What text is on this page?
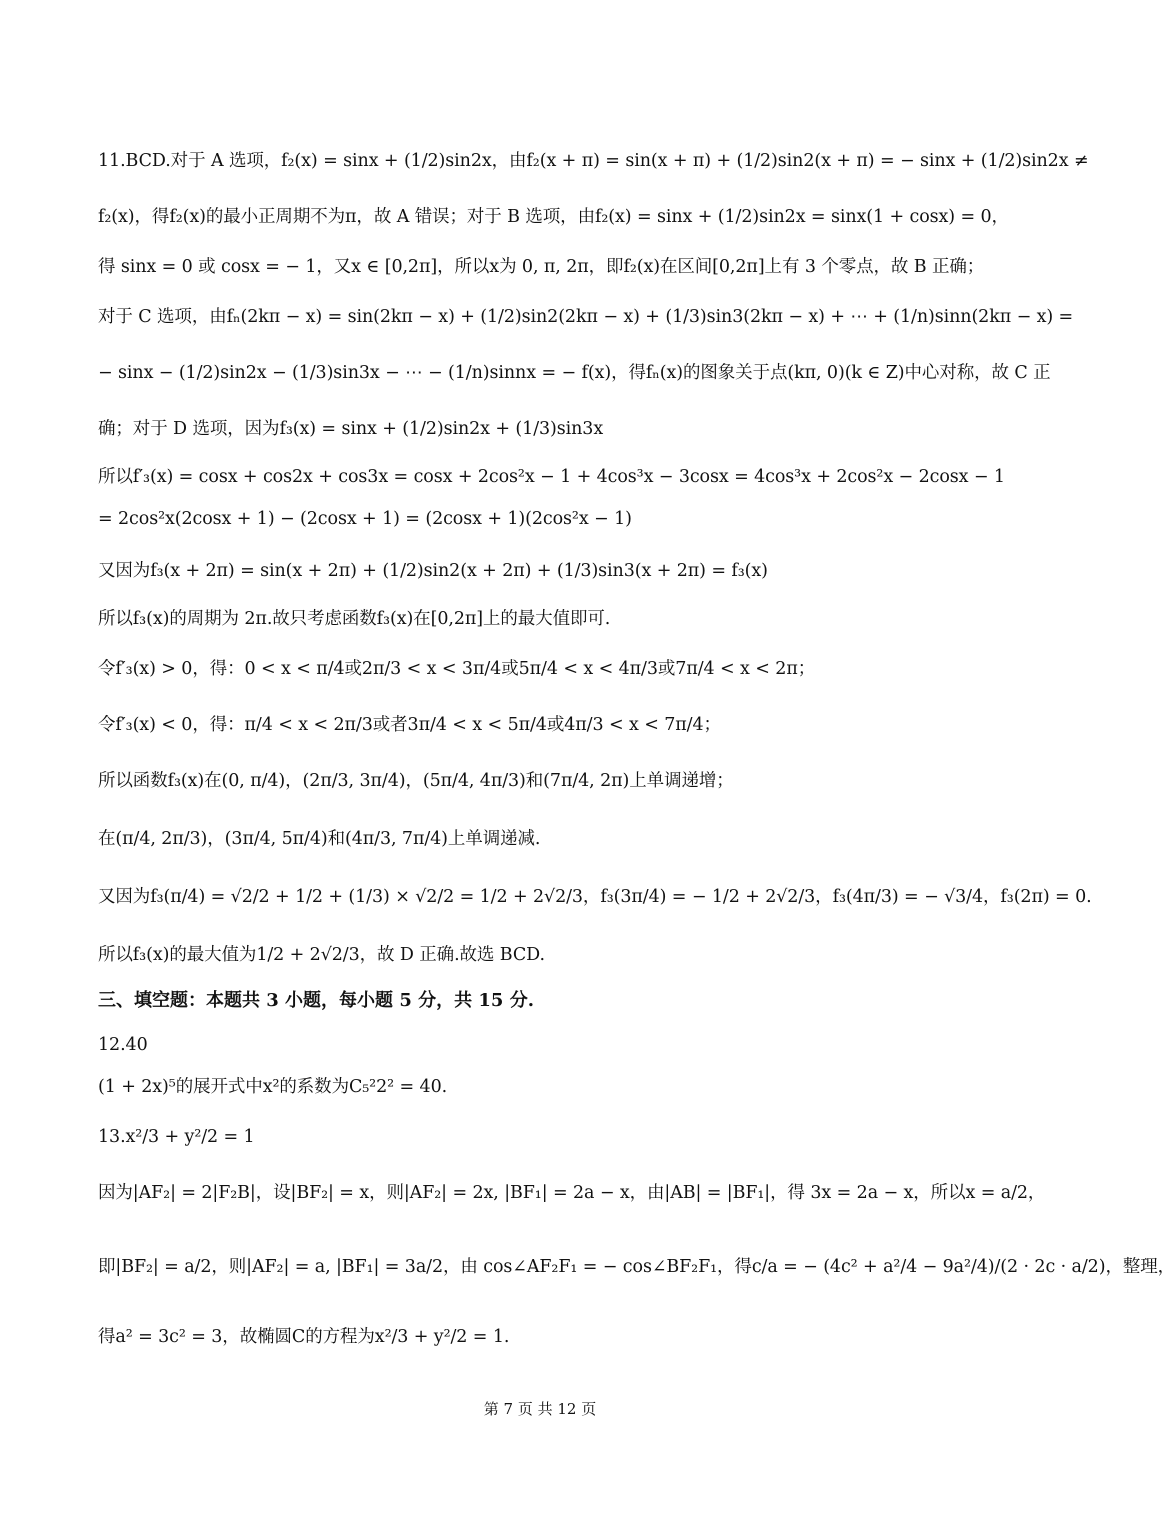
11.BCD.对于 A 选项，f₂(x) = sinx + (1/2)sin2x，由f₂(x + π) = sin(x + π) + (1/2)sin2(x + π) = − sinx + (1/2)sin2x ≠
f₂(x)，得f₂(x)的最小正周期不为π，故 A 错误；对于 B 选项，由f₂(x) = sinx + (1/2)sin2x = sinx(1 + cosx) = 0，
得 sinx = 0 或 cosx = − 1，又x ∈ [0,2π]，所以x为 0, π, 2π，即f₂(x)在区间[0,2π]上有 3 个零点，故 B 正确；
对于 C 选项，由fₙ(2kπ − x) = sin(2kπ − x) + (1/2)sin2(2kπ − x) + (1/3)sin3(2kπ − x) + ⋯ + (1/n)sinn(2kπ − x) =
− sinx − (1/2)sin2x − (1/3)sin3x − ⋯ − (1/n)sinnx = − f(x)，得fₙ(x)的图象关于点(kπ, 0)(k ∈ Z)中心对称，故 C 正
确；对于 D 选项，因为f₃(x) = sinx + (1/2)sin2x + (1/3)sin3x
所以f′₃(x) = cosx + cos2x + cos3x = cosx + 2cos²x − 1 + 4cos³x − 3cosx = 4cos³x + 2cos²x − 2cosx − 1
= 2cos²x(2cosx + 1) − (2cosx + 1) = (2cosx + 1)(2cos²x − 1)
又因为f₃(x + 2π) = sin(x + 2π) + (1/2)sin2(x + 2π) + (1/3)sin3(x + 2π) = f₃(x)
所以f₃(x)的周期为 2π.故只考虑函数f₃(x)在[0,2π]上的最大值即可.
令f′₃(x) > 0，得：0 < x < π/4或2π/3 < x < 3π/4或5π/4 < x < 4π/3或7π/4 < x < 2π；
令f′₃(x) < 0，得：π/4 < x < 2π/3或者3π/4 < x < 5π/4或4π/3 < x < 7π/4；
所以函数f₃(x)在(0, π/4)，(2π/3, 3π/4)，(5π/4, 4π/3)和(7π/4, 2π)上单调递增；
在(π/4, 2π/3)，(3π/4, 5π/4)和(4π/3, 7π/4)上单调递减.
又因为f₃(π/4) = √2/2 + 1/2 + (1/3) × √2/2 = 1/2 + 2√2/3，f₃(3π/4) = − 1/2 + 2√2/3，f₃(4π/3) = − √3/4，f₃(2π) = 0.
所以f₃(x)的最大值为1/2 + 2√2/3，故 D 正确.故选 BCD.
三、填空题：本题共 3 小题，每小题 5 分，共 15 分.
12.40
(1 + 2x)⁵的展开式中x²的系数为C₅²2² = 40.
13.x²/3 + y²/2 = 1
因为|AF₂| = 2|F₂B|，设|BF₂| = x，则|AF₂| = 2x, |BF₁| = 2a − x，由|AB| = |BF₁|，得 3x = 2a − x，所以x = a/2，
即|BF₂| = a/2，则|AF₂| = a, |BF₁| = 3a/2，由 cos∠AF₂F₁ = − cos∠BF₂F₁，得c/a = − (4c² + a²/4 − 9a²/4)/(2 · 2c · a/2)，整理，
得a² = 3c² = 3，故椭圆C的方程为x²/3 + y²/2 = 1.
第 7 页 共 12 页
